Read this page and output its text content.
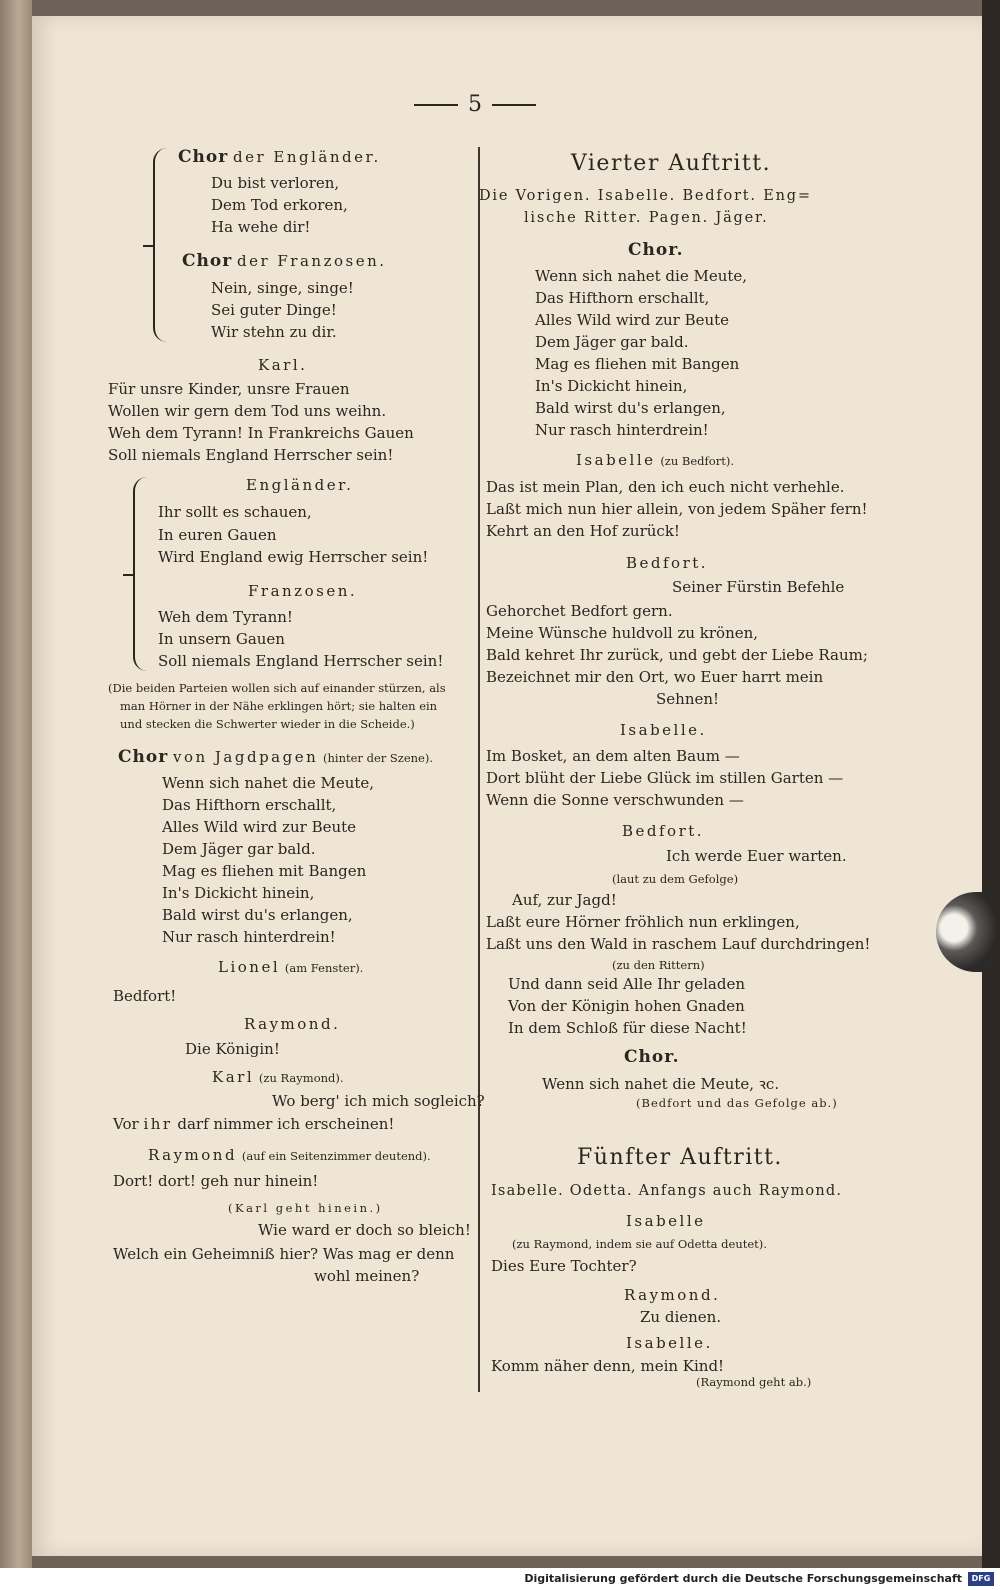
5
Chor der Engländer.
Du bist verloren,
Dem Tod erkoren,
Ha wehe dir!
Chor der Franzosen.
Nein, singe, singe!
Sei guter Dinge!
Wir stehn zu dir.
Karl.
Für unsre Kinder, unsre Frauen
Wollen wir gern dem Tod uns weihn.
Weh dem Tyrann! In Frankreichs Gauen
Soll niemals England Herrscher sein!
Engländer.
Ihr sollt es schauen,
In euren Gauen
Wird England ewig Herrscher sein!
Franzosen.
Weh dem Tyrann!
In unsern Gauen
Soll niemals England Herrscher sein!
(Die beiden Parteien wollen sich auf einander stürzen, als
man Hörner in der Nähe erklingen hört; sie halten ein
und stecken die Schwerter wieder in die Scheide.)
Chor von Jagdpagen (hinter der Szene).
Wenn sich nahet die Meute,
Das Hifthorn erschallt,
Alles Wild wird zur Beute
Dem Jäger gar bald.
Mag es fliehen mit Bangen
In's Dickicht hinein,
Bald wirst du's erlangen,
Nur rasch hinterdrein!
Lionel (am Fenster).
Bedfort!
Raymond.
Die Königin!
Karl (zu Raymond).
Wo berg' ich mich sogleich?
Vor ihr darf nimmer ich erscheinen!
Raymond (auf ein Seitenzimmer deutend).
Dort! dort! geh nur hinein!
(Karl geht hinein.)
Wie ward er doch so bleich!
Welch ein Geheimniß hier? Was mag er denn
wohl meinen?
Vierter Auftritt.
Die Vorigen. Isabelle. Bedfort. Eng=
lische Ritter. Pagen. Jäger.
Chor.
Wenn sich nahet die Meute,
Das Hifthorn erschallt,
Alles Wild wird zur Beute
Dem Jäger gar bald.
Mag es fliehen mit Bangen
In's Dickicht hinein,
Bald wirst du's erlangen,
Nur rasch hinterdrein!
Isabelle (zu Bedfort).
Das ist mein Plan, den ich euch nicht verhehle.
Laßt mich nun hier allein, von jedem Späher fern!
Kehrt an den Hof zurück!
Bedfort.
Seiner Fürstin Befehle
Gehorchet Bedfort gern.
Meine Wünsche huldvoll zu krönen,
Bald kehret Ihr zurück, und gebt der Liebe Raum;
Bezeichnet mir den Ort, wo Euer harrt mein
Sehnen!
Isabelle.
Im Bosket, an dem alten Baum —
Dort blüht der Liebe Glück im stillen Garten —
Wenn die Sonne verschwunden —
Bedfort.
Ich werde Euer warten.
(laut zu dem Gefolge)
Auf, zur Jagd!
Laßt eure Hörner fröhlich nun erklingen,
Laßt uns den Wald in raschem Lauf durchdringen!
(zu den Rittern)
Und dann seid Alle Ihr geladen
Von der Königin hohen Gnaden
In dem Schloß für diese Nacht!
Chor.
Wenn sich nahet die Meute, ꝛc.
(Bedfort und das Gefolge ab.)
Fünfter Auftritt.
Isabelle. Odetta. Anfangs auch Raymond.
Isabelle
(zu Raymond, indem sie auf Odetta deutet).
Dies Eure Tochter?
Raymond.
Zu dienen.
Isabelle.
Komm näher denn, mein Kind!
(Raymond geht ab.)
Digitalisierung gefördert durch die Deutsche Forschungsgemeinschaft	DFG
